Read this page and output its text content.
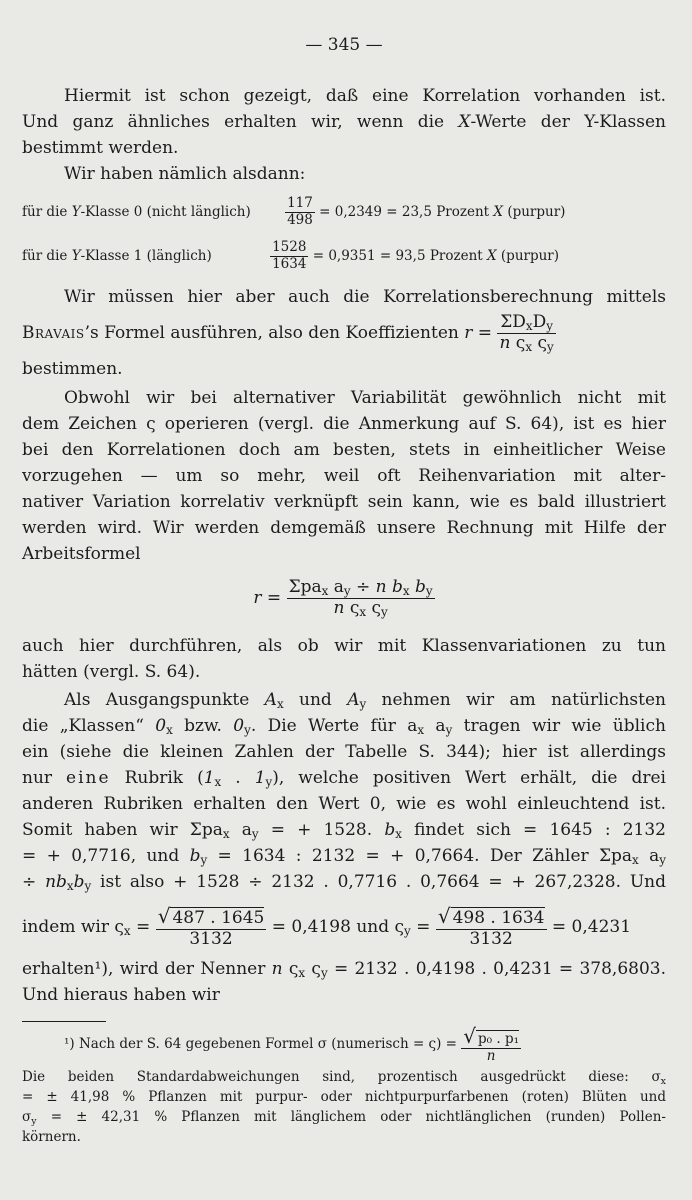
— 345 —
Hiermit ist schon gezeigt, daß eine Korrelation vorhanden ist.
Und ganz ähnliches erhalten wir, wenn die X-Werte der Y-Klassen
bestimmt werden.
Wir haben nämlich alsdann:
für die Y-Klasse 0 (nicht länglich)	$\frac{117}{498} = 0,2349 = 23,5$ Prozent X (purpur)
für die Y-Klasse 1 (länglich)	$\frac{1528}{1634} = 0,9351 = 93,5$ Prozent X (purpur)
Wir müssen hier aber auch die Korrelationsberechnung mittels
Bravais’s Formel ausführen, also den Koeffizienten $r = \frac{\Sigma D_xD_y}{n \varsigma_x \varsigma_y}$
bestimmen.
Obwohl wir bei alternativer Variabilität gewöhnlich nicht mit
dem Zeichen ς operieren (vergl. die Anmerkung auf S. 64), ist es hier
bei den Korrelationen doch am besten, stets in einheitlicher Weise
vorzugehen — um so mehr, weil oft Reihenvariation mit alter-
nativer Variation korrelativ verknüpft sein kann, wie es bald illustriert
werden wird. Wir werden demgemäß unsere Rechnung mit Hilfe der
Arbeitsformel
$r = \frac{\Sigma pa_x a_y \div n b_x b_y}{n \varsigma_x \varsigma_y}$
auch hier durchführen, als ob wir mit Klassenvariationen zu tun
hätten (vergl. S. 64).
Als Ausgangspunkte $A_x$ und $A_y$ nehmen wir am natürlichsten
die „Klassen“ $0_x$ bzw. $0_y$. Die Werte für $a_x$ $a_y$ tragen wir wie üblich
ein (siehe die kleinen Zahlen der Tabelle S. 344); hier ist allerdings
nur eine Rubrik ($1_x$ . $1_y$), welche positiven Wert erhält, die drei
anderen Rubriken erhalten den Wert 0, wie es wohl einleuchtend ist.
Somit haben wir Σpa$_x$ $a_y$ = + 1528. $b_x$ findet sich = 1645 : 2132
= + 0,7716, und $b_y = 1634$ : 2132 = + 0,7664. Der Zähler Σpa$_x$ $a_y$
÷ $nb_xb_y$ ist also + 1528 ÷ 2132 . 0,7716 . 0,7664 = + 267,2328. Und
indem wir $\varsigma_x = \frac{√ 487 . 1645}{3132} = 0,4198$ und $\varsigma_y = \frac{√ 498 . 1634}{3132} = 0,4231$
erhalten¹), wird der Nenner n $\varsigma_x$ $\varsigma_y = 2132$ . 0,4198 . 0,4231 = 378,6803.
Und hieraus haben wir
¹) Nach der S. 64 gegebenen Formel σ (numerisch = $\varsigma) = \frac{\text{√ p₀ . p₁}}{n}$
Die beiden Standardabweichungen sind, prozentisch ausgedrückt diese: $\sigma_x$
= ± 41,98 % Pflanzen mit purpur- oder nichtpurpurfarbenen (roten) Blüten und
$\sigma_y$ = ± 42,31 % Pflanzen mit länglichem oder nichtlänglichen (runden) Pollen-
körnern.
